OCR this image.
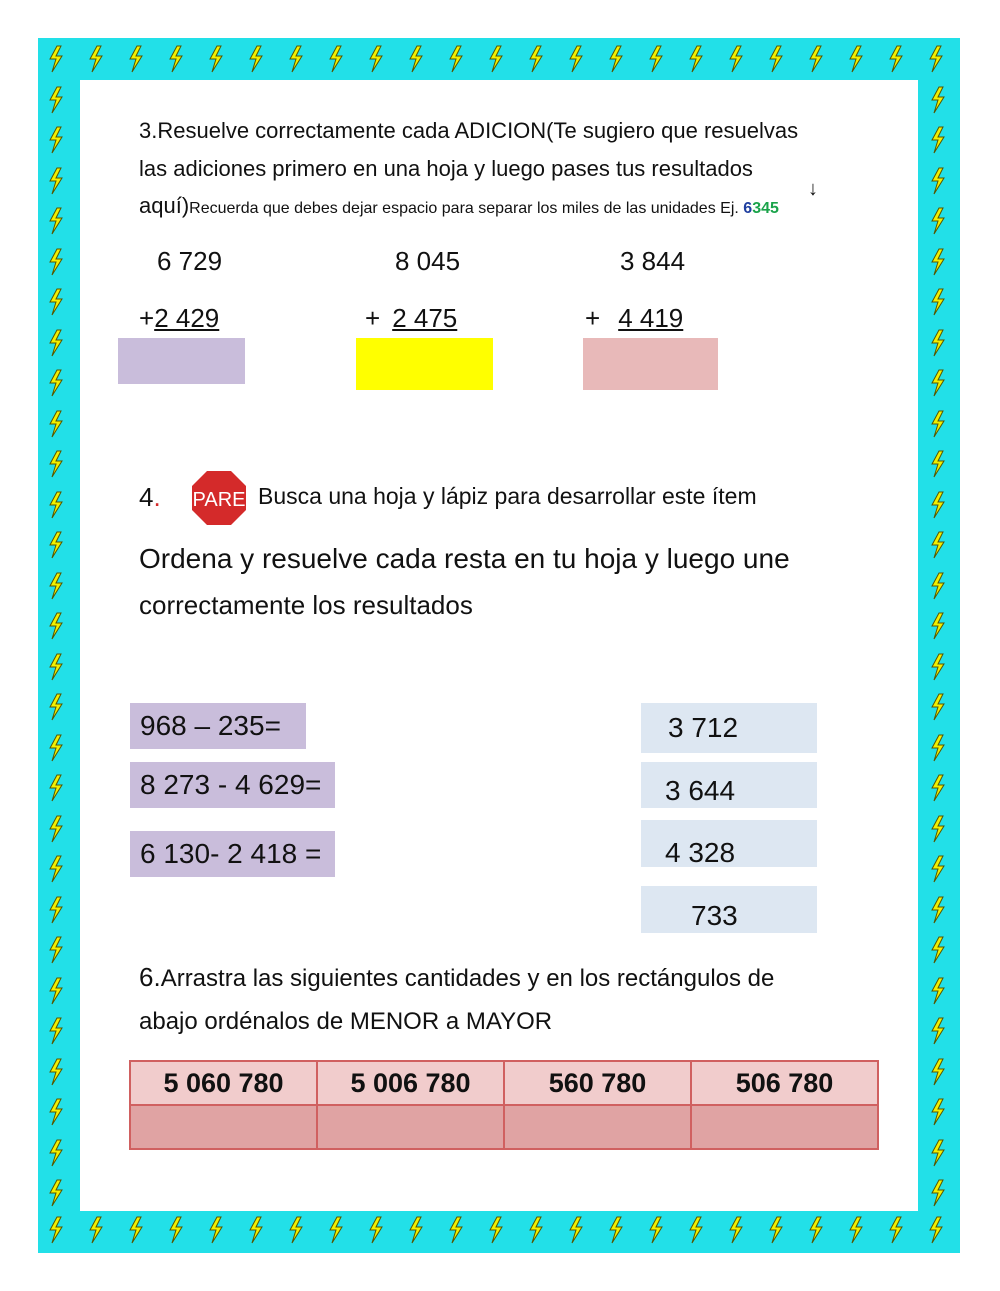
3.Resuelve correctamente cada ADICION(Te sugiero que resuelvas
las adiciones primero en una hoja y luego pases tus resultados
aquí)Recuerda que debes dejar espacio para separar los miles de las unidades Ej. 6345
↓
6 729
+2 429
8 045
+ 2 475
3 844
+ 4 419
4. PARE Busca una hoja y lápiz para desarrollar este ítem
Ordena y resuelve cada resta en tu hoja y luego une
correctamente los resultados
968 – 235=
8 273 - 4 629=
6 130- 2 418 =
3 712
3 644
4 328
733
6.Arrastra las siguientes cantidades y en los rectángulos de
abajo ordénalos de MENOR a MAYOR
5 060 780	5 006 780	560 780	506 780
